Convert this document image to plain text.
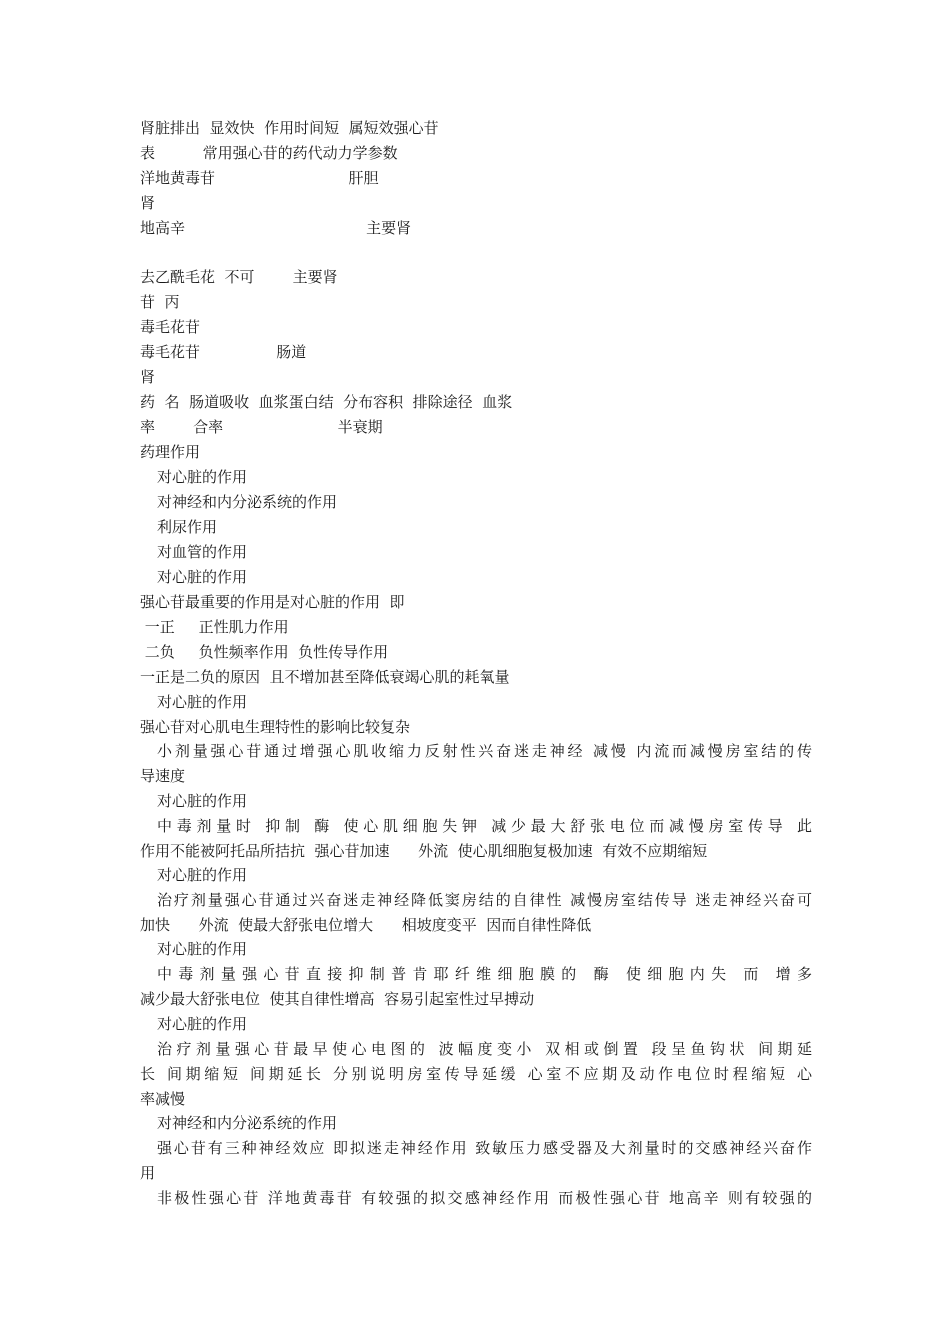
肾脏排出  显效快  作用时间短  属短效强心苷
表          常用强心苷的药代动力学参数
洋地黄毒苷                            肝胆
肾
地高辛                                      主要肾
去乙酰毛花  不可        主要肾
苷  丙
毒毛花苷
毒毛花苷                肠道
肾
药  名  肠道吸收  血浆蛋白结  分布容积  排除途径  血浆
率        合率                        半衰期
药理作用
对心脏的作用
对神经和内分泌系统的作用
利尿作用
对血管的作用
对心脏的作用
强心苷最重要的作用是对心脏的作用  即
一正     正性肌力作用
二负     负性频率作用  负性传导作用
一正是二负的原因  且不增加甚至降低衰竭心肌的耗氧量
对心脏的作用
强心苷对心肌电生理特性的影响比较复杂
小剂量强心苷通过增强心肌收缩力反射性兴奋迷走神经 减慢 内流而减慢房室结的传
导速度
对心脏的作用
中毒剂量时 抑制 酶 使心肌细胞失钾 减少最大舒张电位而减慢房室传导 此
作用不能被阿托品所拮抗  强心苷加速      外流  使心肌细胞复极加速  有效不应期缩短
对心脏的作用
治疗剂量强心苷通过兴奋迷走神经降低窦房结的自律性 减慢房室结传导 迷走神经兴奋可
加快      外流  使最大舒张电位增大      相坡度变平  因而自律性降低
对心脏的作用
中毒剂量强心苷直接抑制普肯耶纤维细胞膜的 酶 使细胞内失 而 增多
减少最大舒张电位  使其自律性增高  容易引起室性过早搏动
对心脏的作用
治疗剂量强心苷最早使心电图的 波幅度变小 双相或倒置 段呈鱼钩状 间期延
长 间期缩短 间期延长 分别说明房室传导延缓 心室不应期及动作电位时程缩短 心
率减慢
对神经和内分泌系统的作用
强心苷有三种神经效应 即拟迷走神经作用 致敏压力感受器及大剂量时的交感神经兴奋作
用
非极性强心苷 洋地黄毒苷 有较强的拟交感神经作用 而极性强心苷 地高辛 则有较强的
